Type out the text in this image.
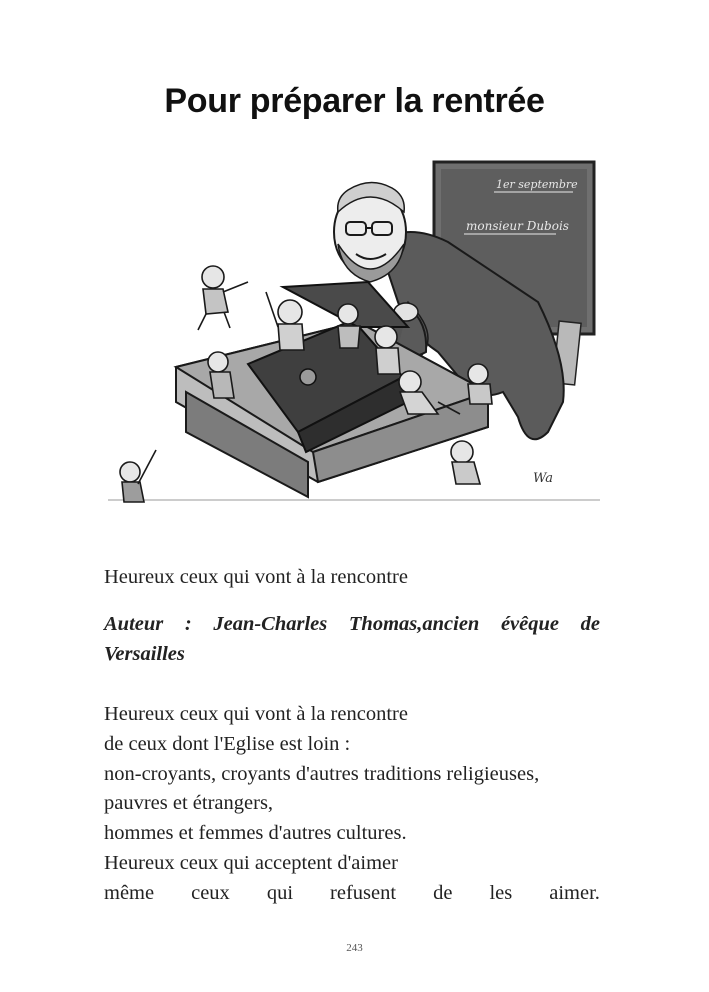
Pour préparer la rentrée
1er septembre
monsieur Dubois
Wa

Heureux ceux qui vont à la rencontre

Auteur : Jean-Charles Thomas,ancien évêque de Versailles

Heureux ceux qui vont à la rencontre
de ceux dont l'Eglise est loin :
non-croyants, croyants d'autres traditions religieuses,
pauvres et étrangers,
hommes et femmes d'autres cultures.
Heureux ceux qui acceptent d'aimer
même ceux qui refusent de les aimer.
243
